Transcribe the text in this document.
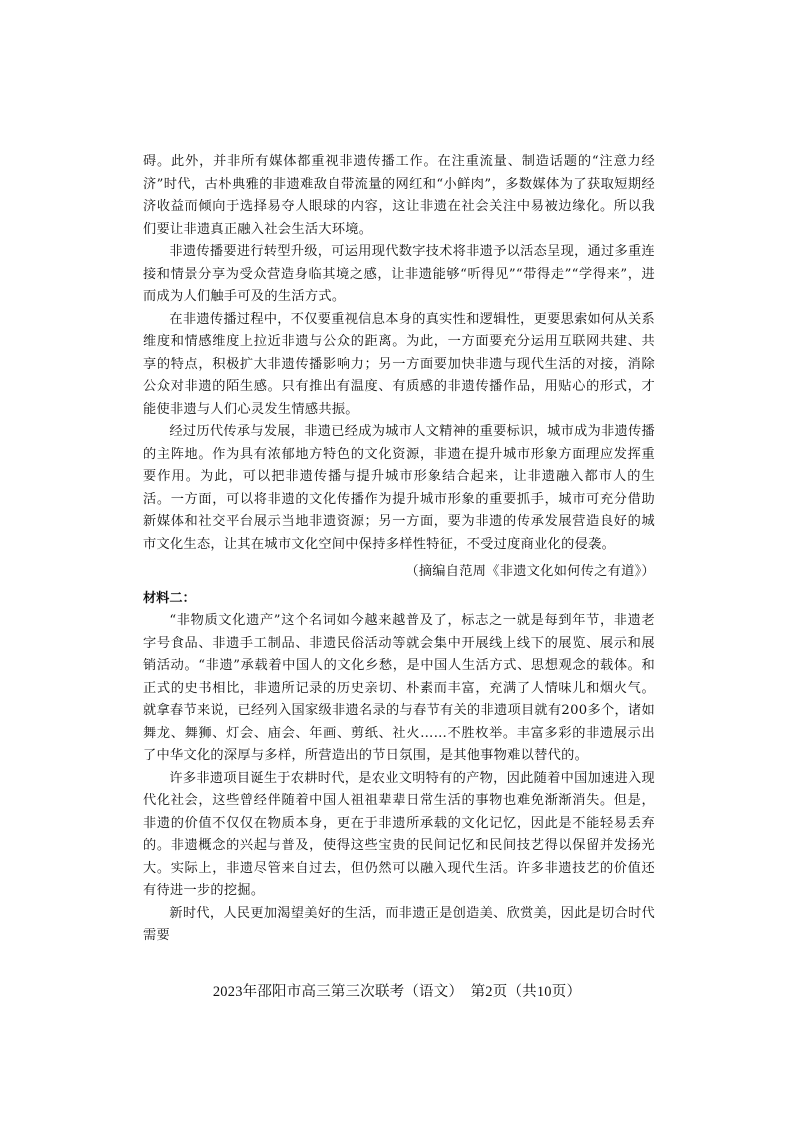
碍。此外，并非所有媒体都重视非遗传播工作。在注重流量、制造话题的“注意力经济”时代，古朴典雅的非遗难敌自带流量的网红和“小鲜肉”，多数媒体为了获取短期经济收益而倾向于选择易夺人眼球的内容，这让非遗在社会关注中易被边缘化。所以我们要让非遗真正融入社会生活大环境。

非遗传播要进行转型升级，可运用现代数字技术将非遗予以活态呈现，通过多重连接和情景分享为受众营造身临其境之感，让非遗能够“听得见”“带得走”“学得来”，进而成为人们触手可及的生活方式。

在非遗传播过程中，不仅要重视信息本身的真实性和逻辑性，更要思索如何从关系维度和情感维度上拉近非遗与公众的距离。为此，一方面要充分运用互联网共建、共享的特点，积极扩大非遗传播影响力；另一方面要加快非遗与现代生活的对接，消除公众对非遗的陌生感。只有推出有温度、有质感的非遗传播作品，用贴心的形式，才能使非遗与人们心灵发生情感共振。

经过历代传承与发展，非遗已经成为城市人文精神的重要标识，城市成为非遗传播的主阵地。作为具有浓郁地方特色的文化资源，非遗在提升城市形象方面理应发挥重要作用。为此，可以把非遗传播与提升城市形象结合起来，让非遗融入都市人的生活。一方面，可以将非遗的文化传播作为提升城市形象的重要抓手，城市可充分借助新媒体和社交平台展示当地非遗资源；另一方面，要为非遗的传承发展营造良好的城市文化生态，让其在城市文化空间中保持多样性特征，不受过度商业化的侵袭。

（摘编自范周《非遗文化如何传之有道》）

材料二：

“非物质文化遗产”这个名词如今越来越普及了，标志之一就是每到年节，非遗老字号食品、非遗手工制品、非遗民俗活动等就会集中开展线上线下的展览、展示和展销活动。“非遗”承载着中国人的文化乡愁，是中国人生活方式、思想观念的载体。和正式的史书相比，非遗所记录的历史亲切、朴素而丰富，充满了人情味儿和烟火气。就拿春节来说，已经列入国家级非遗名录的与春节有关的非遗项目就有200多个，诸如舞龙、舞狮、灯会、庙会、年画、剪纸、社火……不胜枚举。丰富多彩的非遗展示出了中华文化的深厚与多样，所营造出的节日氛围，是其他事物难以替代的。

许多非遗项目诞生于农耕时代，是农业文明特有的产物，因此随着中国加速进入现代化社会，这些曾经伴随着中国人祖祖辈辈日常生活的事物也难免渐渐消失。但是，非遗的价值不仅仅在物质本身，更在于非遗所承载的文化记忆，因此是不能轻易丢弃的。非遗概念的兴起与普及，使得这些宝贵的民间记忆和民间技艺得以保留并发扬光大。实际上，非遗尽管来自过去，但仍然可以融入现代生活。许多非遗技艺的价值还有待进一步的挖掘。

新时代，人民更加渴望美好的生活，而非遗正是创造美、欣赏美，因此是切合时代需要

2023年邵阳市高三第三次联考（语文）　第2页（共10页）
